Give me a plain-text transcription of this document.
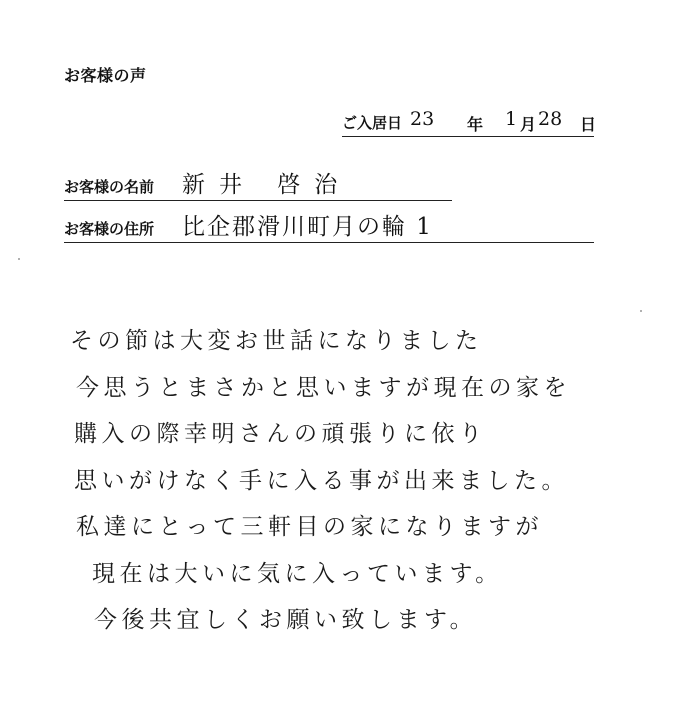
お客様の声
ご入居日 23 年 1 月 28 日
お客様の名前 新井 啓治
お客様の住所 比企郡滑川町月の輪 1
その節は大変お世話になりました
今思うとまさかと思いますが現在の家を
購入の際幸明さんの頑張りに依り
思いがけなく手に入る事が出来ました。
私達にとって三軒目の家になりますが
現在は大いに気に入っています。
今後共宜しくお願い致します。
